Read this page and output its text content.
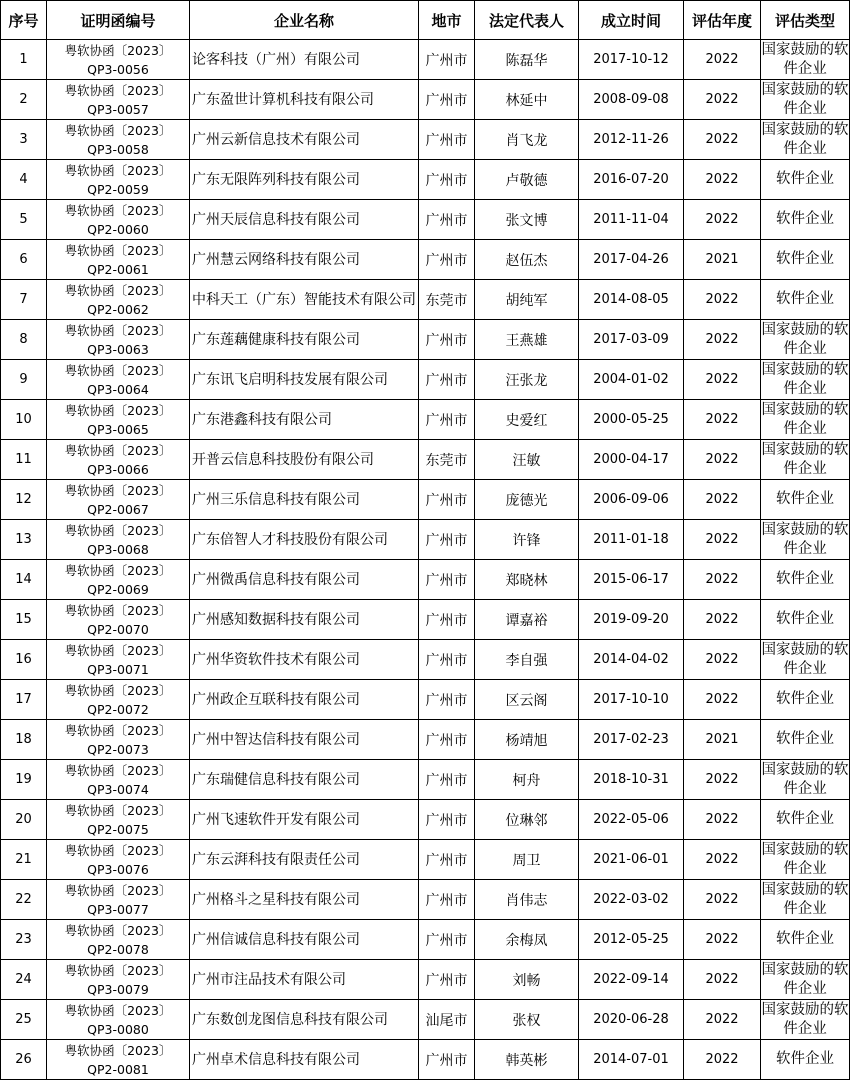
序号	证明函编号	企业名称	地市	法定代表人	成立时间	评估年度	评估类型
1	粤软协函〔2023〕
QP3-0056	论客科技（广州）有限公司	广州市	陈磊华	2017-10-12	2022	国家鼓励的软件企业
2	粤软协函〔2023〕
QP3-0057	广东盈世计算机科技有限公司	广州市	林延中	2008-09-08	2022	国家鼓励的软件企业
3	粤软协函〔2023〕
QP3-0058	广州云新信息技术有限公司	广州市	肖飞龙	2012-11-26	2022	国家鼓励的软件企业
4	粤软协函〔2023〕
QP2-0059	广东无限阵列科技有限公司	广州市	卢敬德	2016-07-20	2022	软件企业
5	粤软协函〔2023〕
QP2-0060	广州天辰信息科技有限公司	广州市	张文博	2011-11-04	2022	软件企业
6	粤软协函〔2023〕
QP2-0061	广州慧云网络科技有限公司	广州市	赵伍杰	2017-04-26	2021	软件企业
7	粤软协函〔2023〕
QP2-0062	中科天工（广东）智能技术有限公司	东莞市	胡纯军	2014-08-05	2022	软件企业
8	粤软协函〔2023〕
QP3-0063	广东莲藕健康科技有限公司	广州市	王燕雄	2017-03-09	2022	国家鼓励的软件企业
9	粤软协函〔2023〕
QP3-0064	广东讯飞启明科技发展有限公司	广州市	汪张龙	2004-01-02	2022	国家鼓励的软件企业
10	粤软协函〔2023〕
QP3-0065	广东港鑫科技有限公司	广州市	史爱红	2000-05-25	2022	国家鼓励的软件企业
11	粤软协函〔2023〕
QP3-0066	开普云信息科技股份有限公司	东莞市	汪敏	2000-04-17	2022	国家鼓励的软件企业
12	粤软协函〔2023〕
QP2-0067	广州三乐信息科技有限公司	广州市	庞德光	2006-09-06	2022	软件企业
13	粤软协函〔2023〕
QP3-0068	广东倍智人才科技股份有限公司	广州市	许锋	2011-01-18	2022	国家鼓励的软件企业
14	粤软协函〔2023〕
QP2-0069	广州微禹信息科技有限公司	广州市	郑晓林	2015-06-17	2022	软件企业
15	粤软协函〔2023〕
QP2-0070	广州感知数据科技有限公司	广州市	谭嘉裕	2019-09-20	2022	软件企业
16	粤软协函〔2023〕
QP3-0071	广州华资软件技术有限公司	广州市	李自强	2014-04-02	2022	国家鼓励的软件企业
17	粤软协函〔2023〕
QP2-0072	广州政企互联科技有限公司	广州市	区云阁	2017-10-10	2022	软件企业
18	粤软协函〔2023〕
QP2-0073	广州中智达信科技有限公司	广州市	杨靖旭	2017-02-23	2021	软件企业
19	粤软协函〔2023〕
QP3-0074	广东瑞健信息科技有限公司	广州市	柯舟	2018-10-31	2022	国家鼓励的软件企业
20	粤软协函〔2023〕
QP2-0075	广州飞速软件开发有限公司	广州市	位琳邻	2022-05-06	2022	软件企业
21	粤软协函〔2023〕
QP3-0076	广东云湃科技有限责任公司	广州市	周卫	2021-06-01	2022	国家鼓励的软件企业
22	粤软协函〔2023〕
QP3-0077	广州格斗之星科技有限公司	广州市	肖伟志	2022-03-02	2022	国家鼓励的软件企业
23	粤软协函〔2023〕
QP2-0078	广州信诚信息科技有限公司	广州市	余梅凤	2012-05-25	2022	软件企业
24	粤软协函〔2023〕
QP3-0079	广州市注品技术有限公司	广州市	刘畅	2022-09-14	2022	国家鼓励的软件企业
25	粤软协函〔2023〕
QP3-0080	广东数创龙图信息科技有限公司	汕尾市	张权	2020-06-28	2022	国家鼓励的软件企业
26	粤软协函〔2023〕
QP2-0081	广州卓术信息科技有限公司	广州市	韩英彬	2014-07-01	2022	软件企业
